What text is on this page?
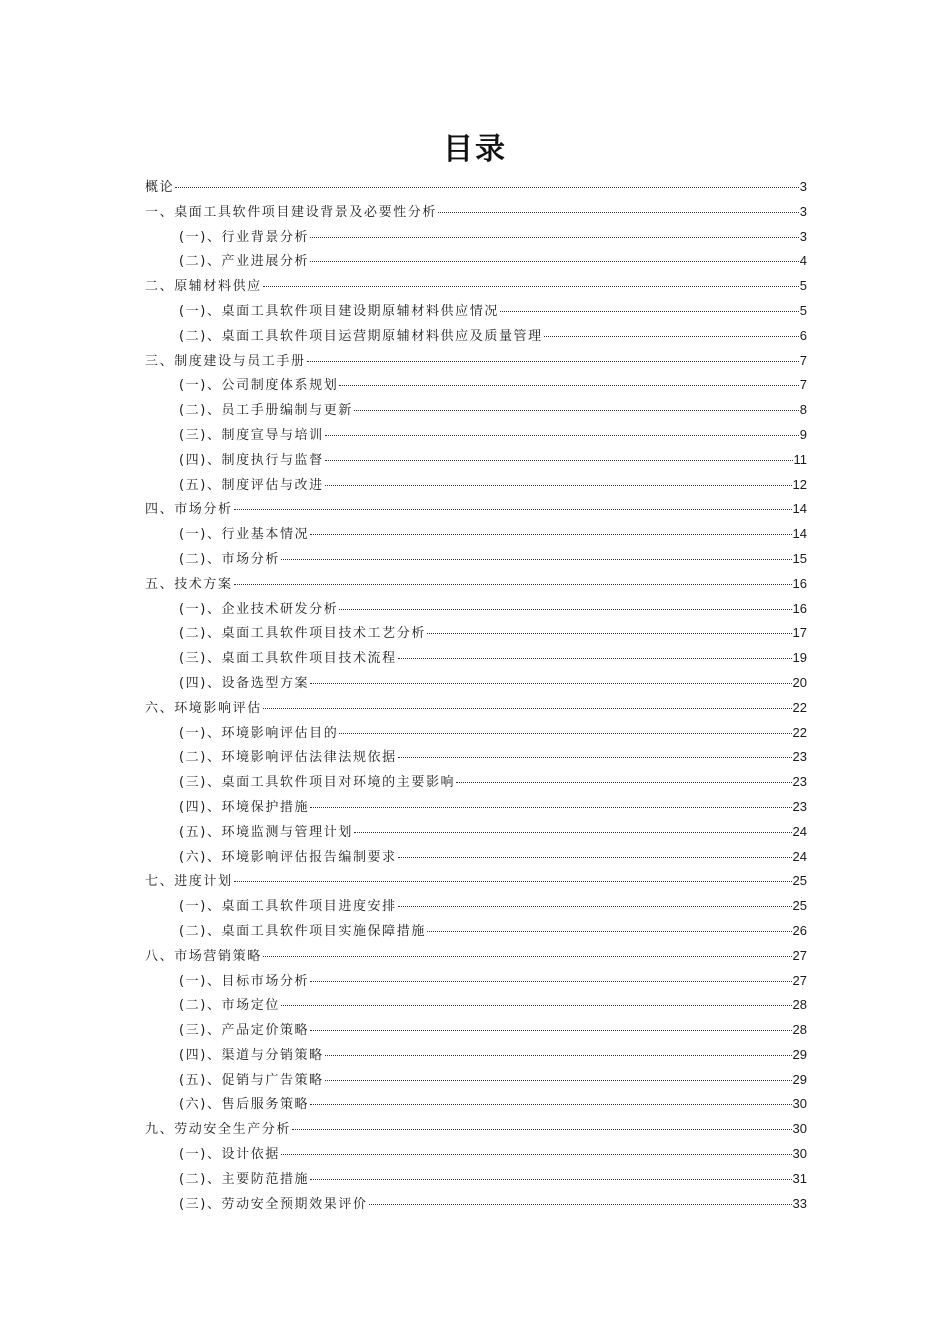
目录
概论	3
一、桌面工具软件项目建设背景及必要性分析	3
(一)、行业背景分析	3
(二)、产业进展分析	4
二、原辅材料供应	5
(一)、桌面工具软件项目建设期原辅材料供应情况	5
(二)、桌面工具软件项目运营期原辅材料供应及质量管理	6
三、制度建设与员工手册	7
(一)、公司制度体系规划	7
(二)、员工手册编制与更新	8
(三)、制度宣导与培训	9
(四)、制度执行与监督	11
(五)、制度评估与改进	12
四、市场分析	14
(一)、行业基本情况	14
(二)、市场分析	15
五、技术方案	16
(一)、企业技术研发分析	16
(二)、桌面工具软件项目技术工艺分析	17
(三)、桌面工具软件项目技术流程	19
(四)、设备选型方案	20
六、环境影响评估	22
(一)、环境影响评估目的	22
(二)、环境影响评估法律法规依据	23
(三)、桌面工具软件项目对环境的主要影响	23
(四)、环境保护措施	23
(五)、环境监测与管理计划	24
(六)、环境影响评估报告编制要求	24
七、进度计划	25
(一)、桌面工具软件项目进度安排	25
(二)、桌面工具软件项目实施保障措施	26
八、市场营销策略	27
(一)、目标市场分析	27
(二)、市场定位	28
(三)、产品定价策略	28
(四)、渠道与分销策略	29
(五)、促销与广告策略	29
(六)、售后服务策略	30
九、劳动安全生产分析	30
(一)、设计依据	30
(二)、主要防范措施	31
(三)、劳动安全预期效果评价	33
